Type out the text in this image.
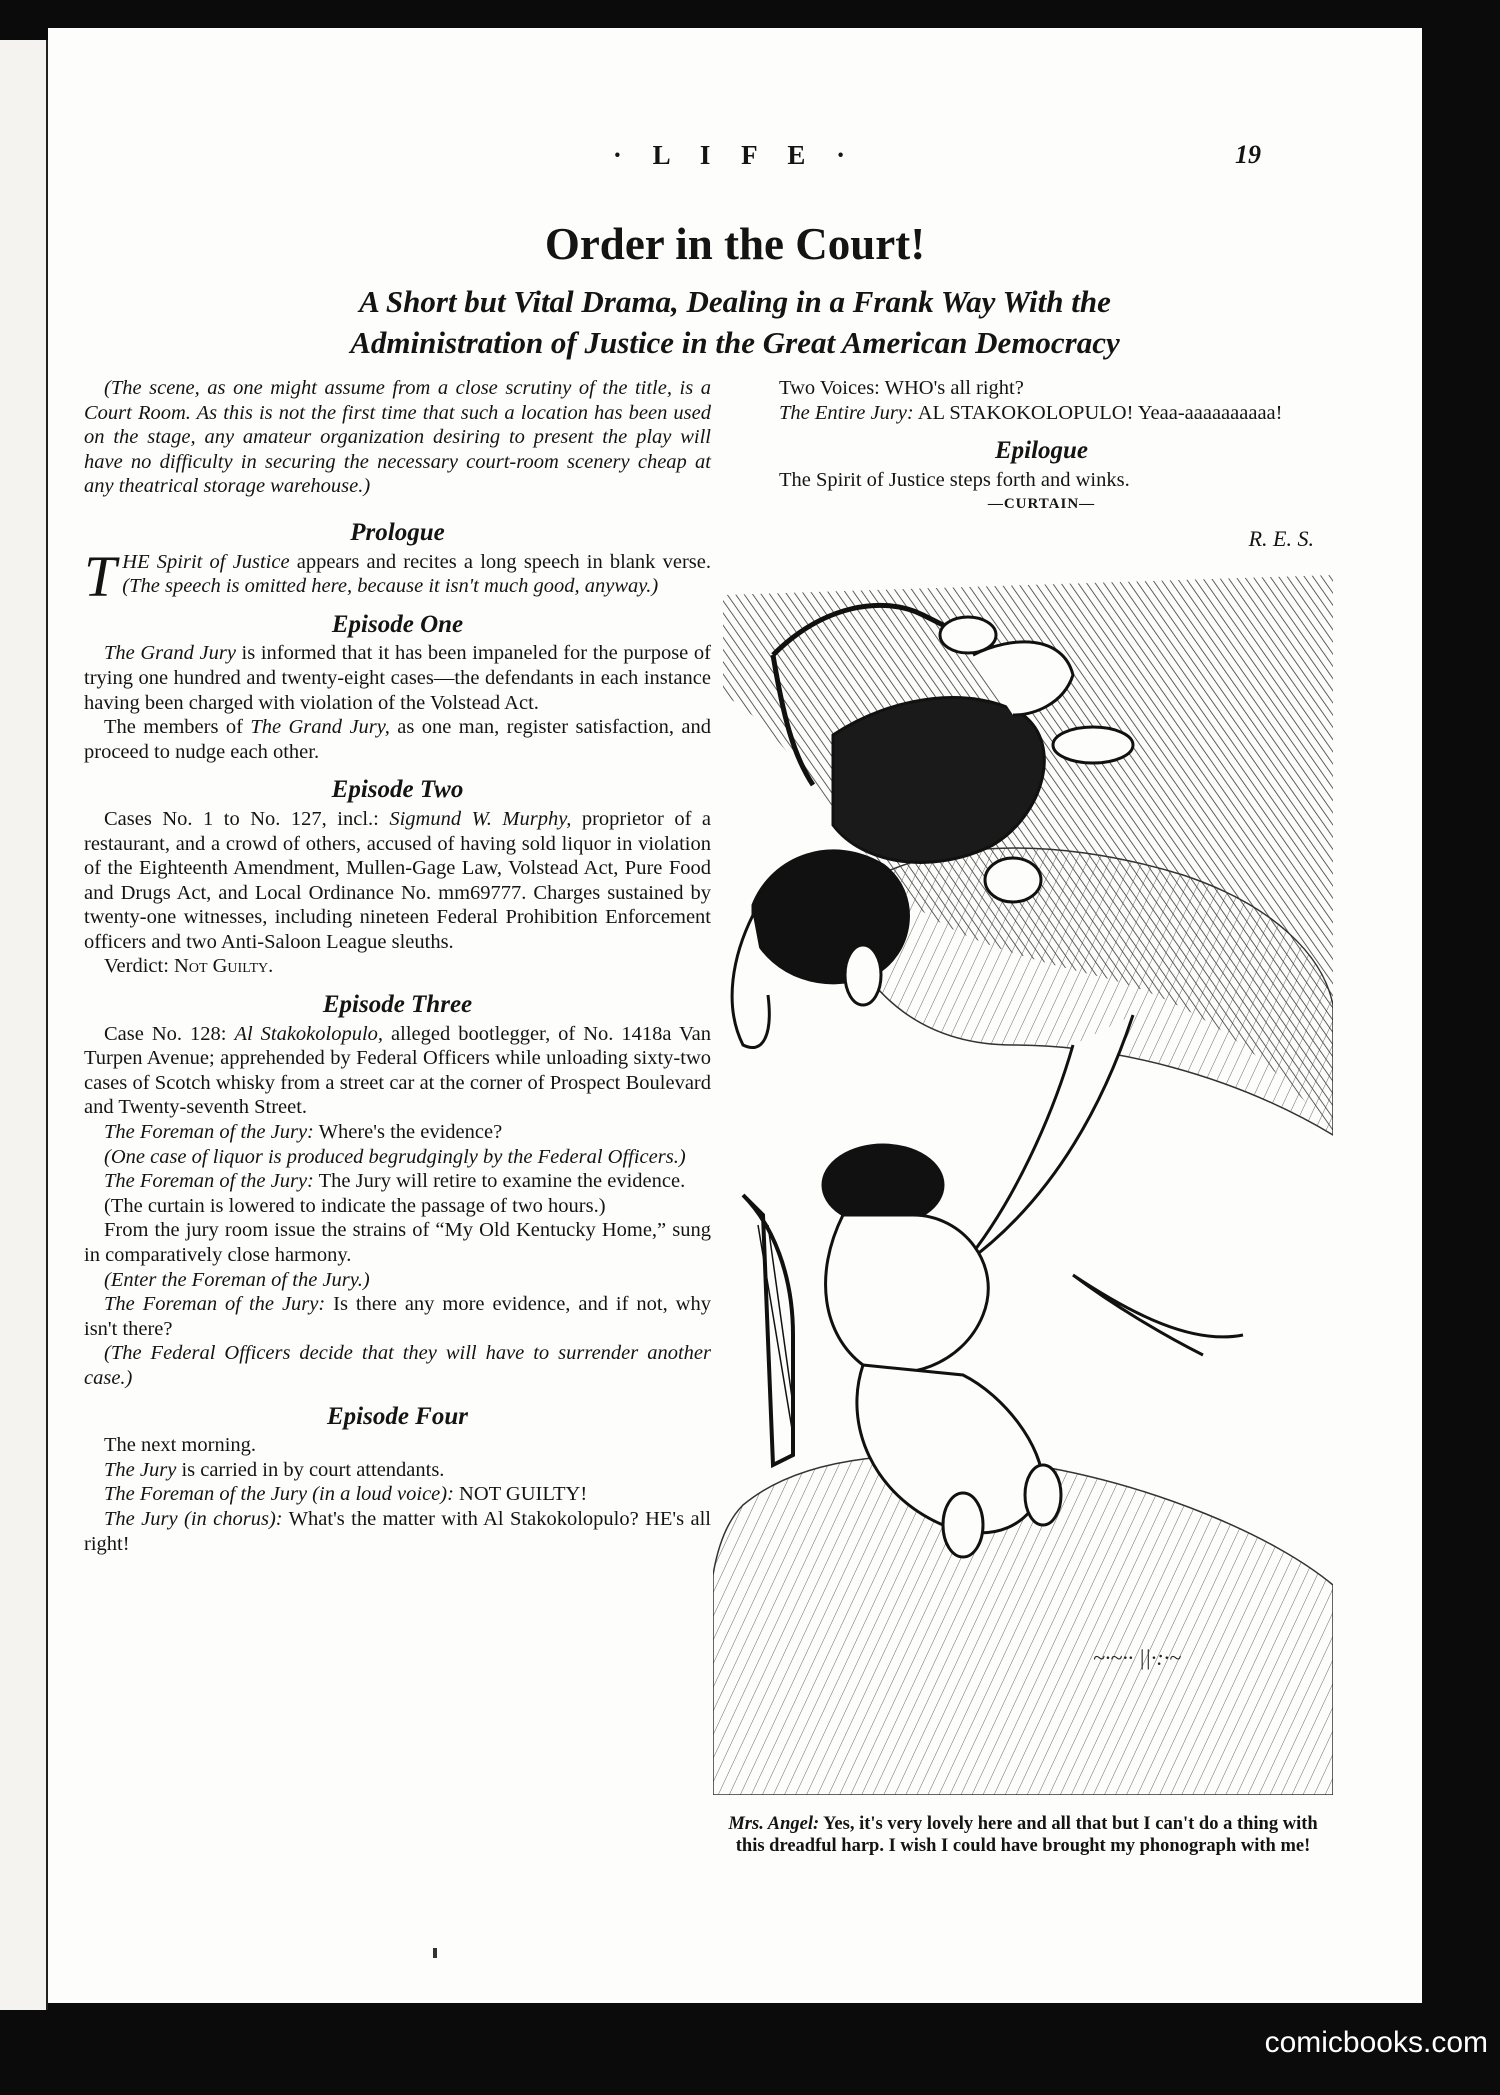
· L I F E ·	19
Order in the Court!
A Short but Vital Drama, Dealing in a Frank Way With the
Administration of Justice in the Great American Democracy

(The scene, as one might assume from a close scrutiny of the title, is a Court Room. As this is not the first time that such a location has been used on the stage, any amateur organization desiring to present the play will have no difficulty in securing the necessary court-room scenery cheap at any theatrical storage warehouse.)

Prologue

THE Spirit of Justice appears and recites a long speech in blank verse. (The speech is omitted here, because it isn't much good, anyway.)

Episode One

The Grand Jury is informed that it has been impaneled for the purpose of trying one hundred and twenty-eight cases—the defendants in each instance having been charged with violation of the Volstead Act.

The members of The Grand Jury, as one man, register satisfaction, and proceed to nudge each other.

Episode Two

Cases No. 1 to No. 127, incl.: Sigmund W. Murphy, proprietor of a restaurant, and a crowd of others, accused of having sold liquor in violation of the Eighteenth Amendment, Mullen-Gage Law, Volstead Act, Pure Food and Drugs Act, and Local Ordinance No. mm69777. Charges sustained by twenty-one witnesses, including nineteen Federal Prohibition Enforcement officers and two Anti-Saloon League sleuths.

Verdict: Not Guilty.

Episode Three

Case No. 128: Al Stakokolopulo, alleged bootlegger, of No. 1418a Van Turpen Avenue; apprehended by Federal Officers while unloading sixty-two cases of Scotch whisky from a street car at the corner of Prospect Boulevard and Twenty-seventh Street.

The Foreman of the Jury: Where's the evidence?

(One case of liquor is produced begrudgingly by the Federal Officers.)

The Foreman of the Jury: The Jury will retire to examine the evidence.

(The curtain is lowered to indicate the passage of two hours.)

From the jury room issue the strains of “My Old Kentucky Home,” sung in comparatively close harmony.

(Enter the Foreman of the Jury.)

The Foreman of the Jury: Is there any more evidence, and if not, why isn't there?

(The Federal Officers decide that they will have to surrender another case.)

Episode Four

The next morning.

The Jury is carried in by court attendants.

The Foreman of the Jury (in a loud voice): NOT GUILTY!

The Jury (in chorus): What's the matter with Al Stakokolopulo? HE's all right!

Two Voices: WHO's all right?

The Entire Jury: AL STAKOKOLOPULO! Yeaa-aaaaaaaaaa!

Epilogue

The Spirit of Justice steps forth and winks.

—CURTAIN—

R. E. S.

~·~·· ||·:·~
Mrs. Angel: Yes, it's very lovely here and all that but I can't do a thing with this dreadful harp. I wish I could have brought my phonograph with me!
comicbooks.com
